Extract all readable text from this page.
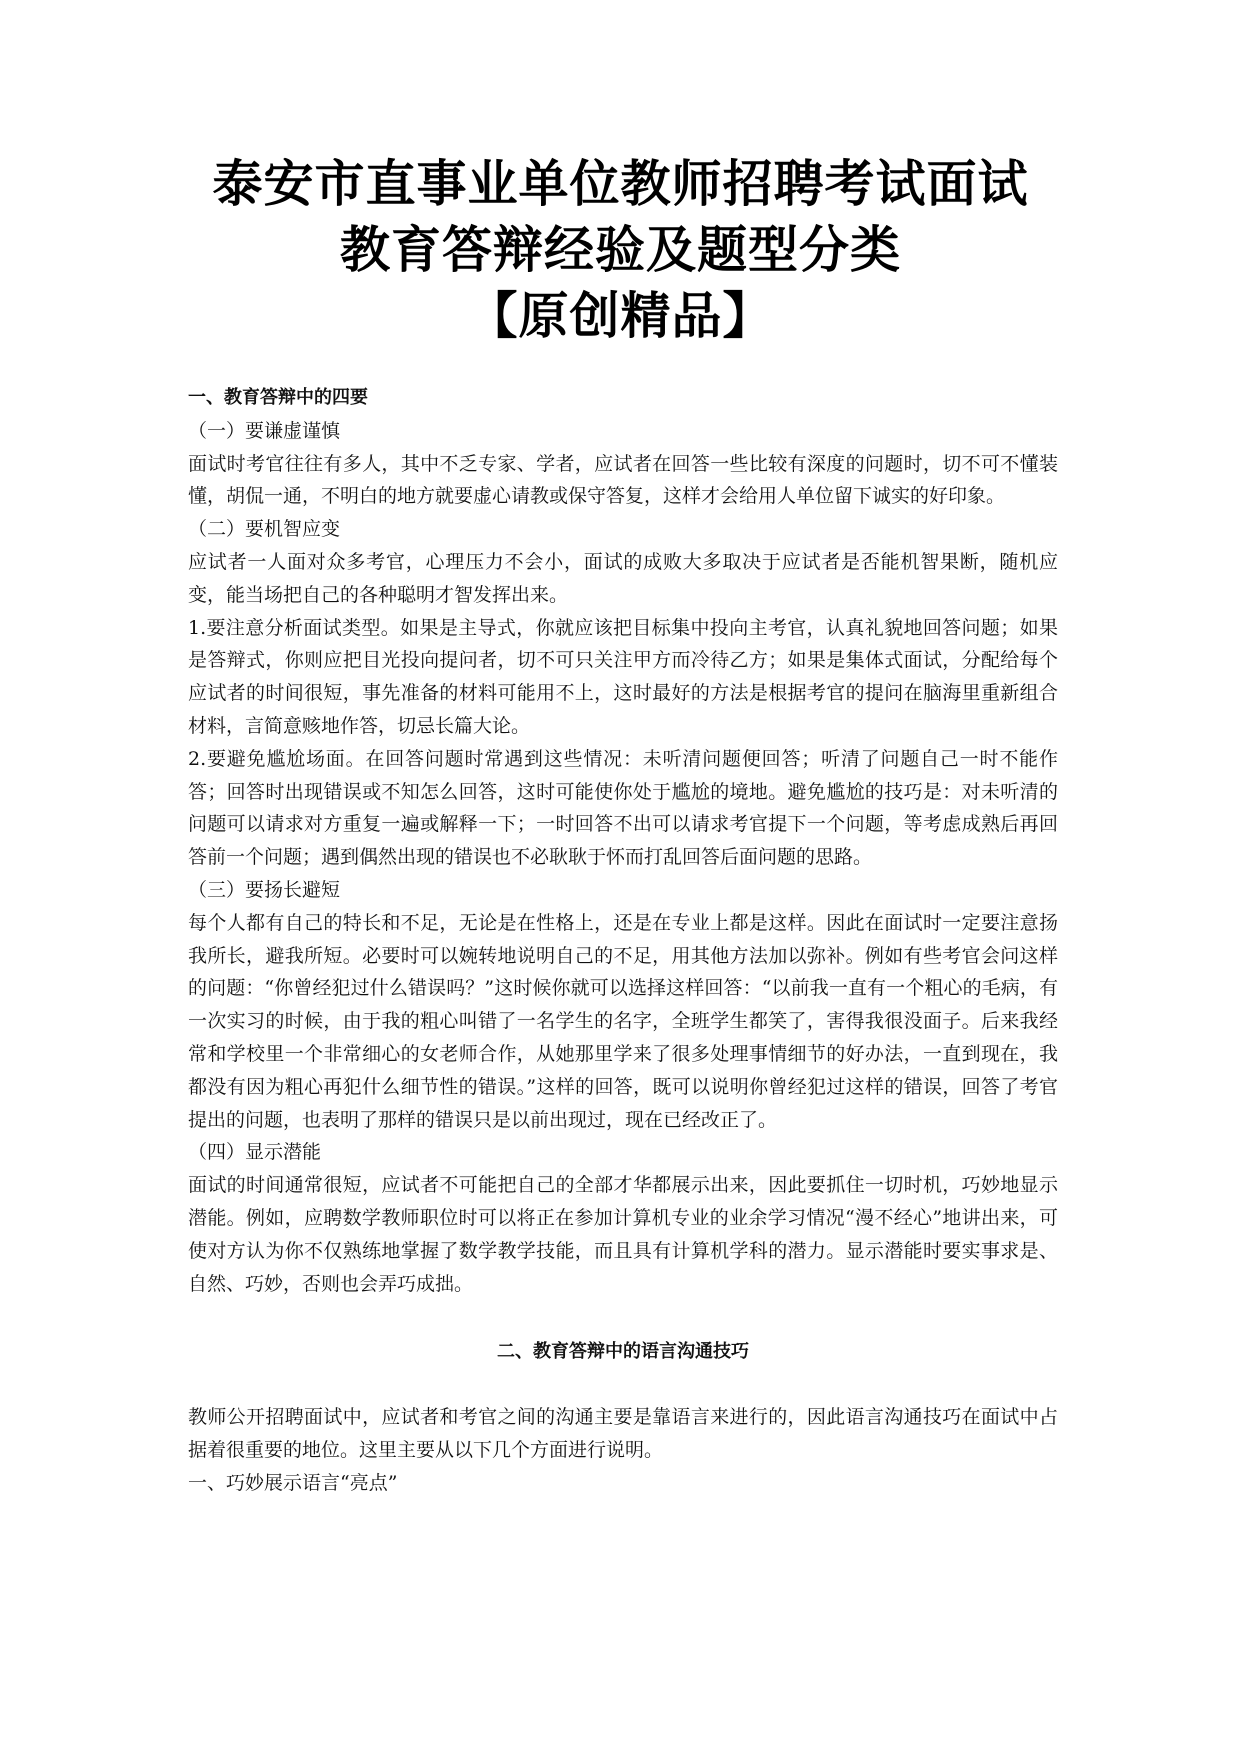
泰安市直事业单位教师招聘考试面试
教育答辩经验及题型分类
【原创精品】

一、教育答辩中的四要

（一）要谦虚谨慎

面试时考官往往有多人，其中不乏专家、学者，应试者在回答一些比较有深度的问题时，切不可不懂装懂，胡侃一通，不明白的地方就要虚心请教或保守答复，这样才会给用人单位留下诚实的好印象。

（二）要机智应变

应试者一人面对众多考官，心理压力不会小，面试的成败大多取决于应试者是否能机智果断，随机应变，能当场把自己的各种聪明才智发挥出来。

1.要注意分析面试类型。如果是主导式，你就应该把目标集中投向主考官，认真礼貌地回答问题；如果是答辩式，你则应把目光投向提问者，切不可只关注甲方而冷待乙方；如果是集体式面试，分配给每个应试者的时间很短，事先准备的材料可能用不上，这时最好的方法是根据考官的提问在脑海里重新组合材料，言简意赅地作答，切忌长篇大论。

2.要避免尴尬场面。在回答问题时常遇到这些情况：未听清问题便回答；听清了问题自己一时不能作答；回答时出现错误或不知怎么回答，这时可能使你处于尴尬的境地。避免尴尬的技巧是：对未听清的问题可以请求对方重复一遍或解释一下；一时回答不出可以请求考官提下一个问题，等考虑成熟后再回答前一个问题；遇到偶然出现的错误也不必耿耿于怀而打乱回答后面问题的思路。

（三）要扬长避短

每个人都有自己的特长和不足，无论是在性格上，还是在专业上都是这样。因此在面试时一定要注意扬我所长，避我所短。必要时可以婉转地说明自己的不足，用其他方法加以弥补。例如有些考官会问这样的问题：“你曾经犯过什么错误吗？”这时候你就可以选择这样回答：“以前我一直有一个粗心的毛病，有一次实习的时候，由于我的粗心叫错了一名学生的名字，全班学生都笑了，害得我很没面子。后来我经常和学校里一个非常细心的女老师合作，从她那里学来了很多处理事情细节的好办法，一直到现在，我都没有因为粗心再犯什么细节性的错误。”这样的回答，既可以说明你曾经犯过这样的错误，回答了考官提出的问题，也表明了那样的错误只是以前出现过，现在已经改正了。

（四）显示潜能

面试的时间通常很短，应试者不可能把自己的全部才华都展示出来，因此要抓住一切时机，巧妙地显示潜能。例如，应聘数学教师职位时可以将正在参加计算机专业的业余学习情况“漫不经心”地讲出来，可使对方认为你不仅熟练地掌握了数学教学技能，而且具有计算机学科的潜力。显示潜能时要实事求是、自然、巧妙，否则也会弄巧成拙。

二、教育答辩中的语言沟通技巧

教师公开招聘面试中，应试者和考官之间的沟通主要是靠语言来进行的，因此语言沟通技巧在面试中占据着很重要的地位。这里主要从以下几个方面进行说明。

一、巧妙展示语言“亮点”
